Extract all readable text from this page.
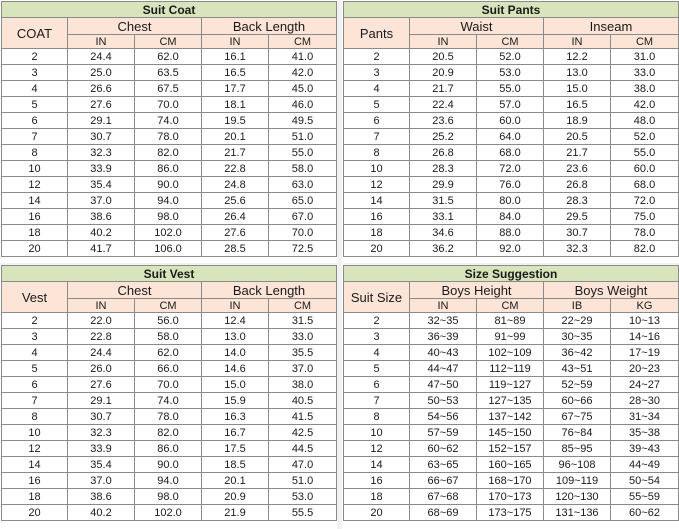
Suit Coat				
COAT	Chest		Back Length	
	IN	CM	IN	CM
2	24.4	62.0	16.1	41.0
3	25.0	63.5	16.5	42.0
4	26.6	67.5	17.7	45.0
5	27.6	70.0	18.1	46.0
6	29.1	74.0	19.5	49.5
7	30.7	78.0	20.1	51.0
8	32.3	82.0	21.7	55.0
10	33.9	86.0	22.8	58.0
12	35.4	90.0	24.8	63.0
14	37.0	94.0	25.6	65.0
16	38.6	98.0	26.4	67.0
18	40.2	102.0	27.6	70.0
20	41.7	106.0	28.5	72.5
Suit Pants				
Pants	Waist		Inseam	
	IN	CM	IN	CM
2	20.5	52.0	12.2	31.0
3	20.9	53.0	13.0	33.0
4	21.7	55.0	15.0	38.0
5	22.4	57.0	16.5	42.0
6	23.6	60.0	18.9	48.0
7	25.2	64.0	20.5	52.0
8	26.8	68.0	21.7	55.0
10	28.3	72.0	23.6	60.0
12	29.9	76.0	26.8	68.0
14	31.5	80.0	28.3	72.0
16	33.1	84.0	29.5	75.0
18	34.6	88.0	30.7	78.0
20	36.2	92.0	32.3	82.0
Suit Vest				
Vest	Chest		Back Length	
	IN	CM	IN	CM
2	22.0	56.0	12.4	31.5
3	22.8	58.0	13.0	33.0
4	24.4	62.0	14.0	35.5
5	26.0	66.0	14.6	37.0
6	27.6	70.0	15.0	38.0
7	29.1	74.0	15.9	40.5
8	30.7	78.0	16.3	41.5
10	32.3	82.0	16.7	42.5
12	33.9	86.0	17.5	44.5
14	35.4	90.0	18.5	47.0
16	37.0	94.0	20.1	51.0
18	38.6	98.0	20.9	53.0
20	40.2	102.0	21.9	55.5
Size Suggestion				
Suit Size	Boys Height		Boys Weight	
	IN	CM	IB	KG
2	32~35	81~89	22~29	10~13
3	36~39	91~99	30~35	14~16
4	40~43	102~109	36~42	17~19
5	44~47	112~119	43~51	20~23
6	47~50	119~127	52~59	24~27
7	50~53	127~135	60~66	28~30
8	54~56	137~142	67~75	31~34
10	57~59	145~150	76~84	35~38
12	60~62	152~157	85~95	39~43
14	63~65	160~165	96~108	44~49
16	66~67	168~170	109~119	50~54
18	67~68	170~173	120~130	55~59
20	68~69	173~175	131~136	60~62
